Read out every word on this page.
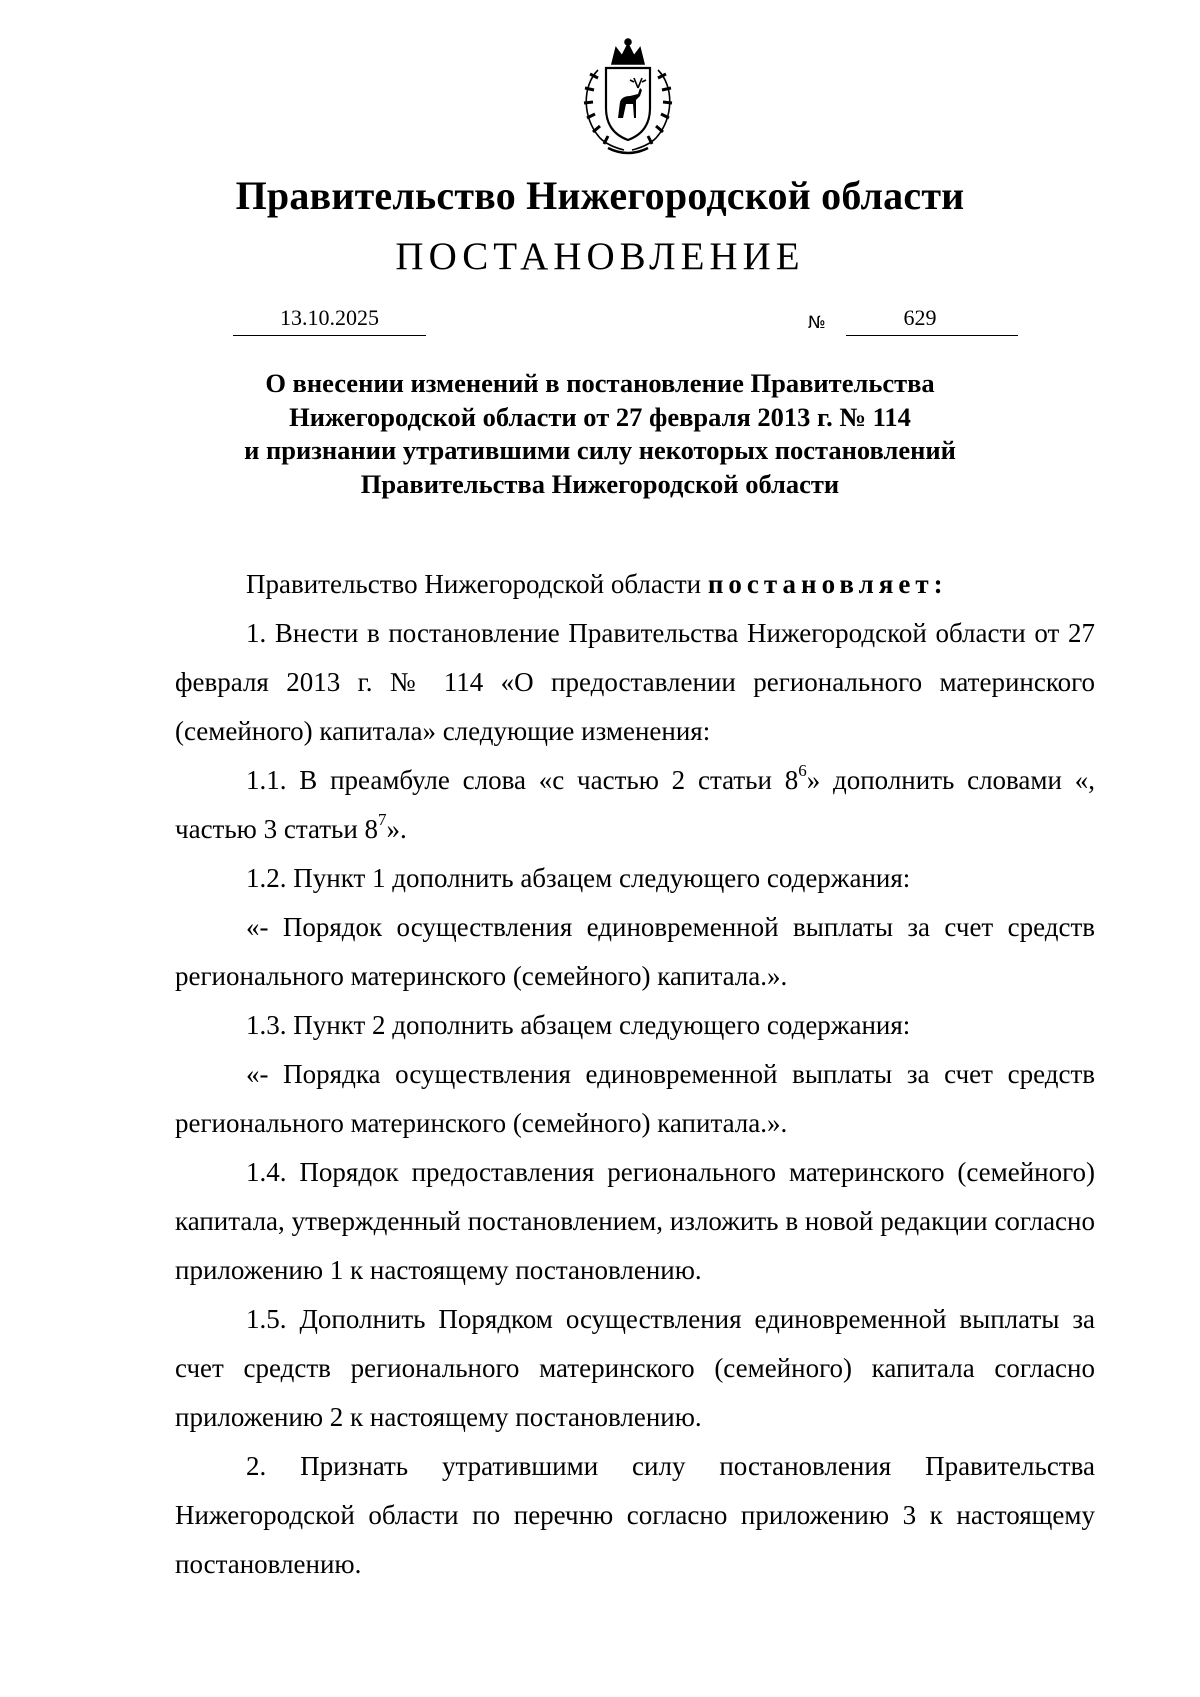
Правительство Нижегородской области
ПОСТАНОВЛЕНИЕ
13.10.2025	№	629
О внесении изменений в постановление Правительства
Нижегородской области от 27 февраля 2013 г. № 114
и признании утратившими силу некоторых постановлений
Правительства Нижегородской области

Правительство Нижегородской области постановляет:

1. Внести в постановление Правительства Нижегородской области от 27 февраля 2013 г. № 114 «О предоставлении регионального материнского (семейного) капитала» следующие изменения:

1.1. В преамбуле слова «с частью 2 статьи $8^6$» дополнить словами «, частью 3 статьи $8^7$».

1.2. Пункт 1 дополнить абзацем следующего содержания:

«- Порядок осуществления единовременной выплаты за счет средств регионального материнского (семейного) капитала.».

1.3. Пункт 2 дополнить абзацем следующего содержания:

«- Порядка осуществления единовременной выплаты за счет средств регионального материнского (семейного) капитала.».

1.4. Порядок предоставления регионального материнского (семейного) капитала, утвержденный постановлением, изложить в новой редакции согласно приложению 1 к настоящему постановлению.

1.5. Дополнить Порядком осуществления единовременной выплаты за счет средств регионального материнского (семейного) капитала согласно приложению 2 к настоящему постановлению.

2. Признать утратившими силу постановления Правительства Нижегородской области по перечню согласно приложению 3 к настоящему постановлению.
